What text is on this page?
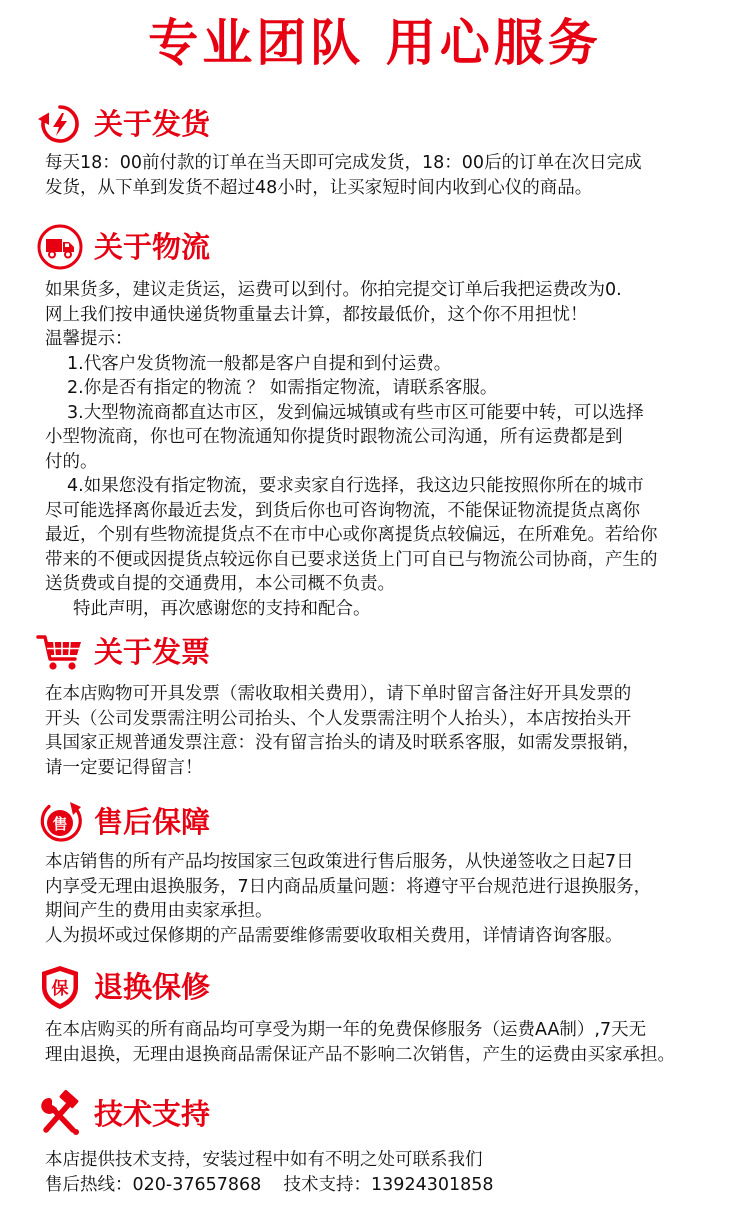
专业团队 用心服务
关于发货
每天18：00前付款的订单在当天即可完成发货，18：00后的订单在次日完成
发货，从下单到发货不超过48小时，让买家短时间内收到心仪的商品。
关于物流
如果货多，建议走货运，运费可以到付。你拍完提交订单后我把运费改为0.
网上我们按申通快递货物重量去计算，都按最低价，这个你不用担忧！
温馨提示：
1.代客户发货物流一般都是客户自提和到付运费。
2.你是否有指定的物流 ？ 如需指定物流，请联系客服。
3.大型物流商都直达市区，发到偏远城镇或有些市区可能要中转，可以选择
小型物流商，你也可在物流通知你提货时跟物流公司沟通，所有运费都是到
付的。
4.如果您没有指定物流，要求卖家自行选择，我这边只能按照你所在的城市
尽可能选择离你最近去发，到货后你也可咨询物流，不能保证物流提货点离你
最近，个别有些物流提货点不在市中心或你离提货点较偏远，在所难免。若给你
带来的不便或因提货点较远你自已要求送货上门可自已与物流公司协商，产生的
送货费或自提的交通费用，本公司概不负责。
特此声明，再次感谢您的支持和配合。
关于发票
在本店购物可开具发票（需收取相关费用），请下单时留言备注好开具发票的
开头（公司发票需注明公司抬头、个人发票需注明个人抬头），本店按抬头开
具国家正规普通发票注意：没有留言抬头的请及时联系客服，如需发票报销，
请一定要记得留言！
售 售后保障
本店销售的所有产品均按国家三包政策进行售后服务，从快递签收之日起7日
内享受无理由退换服务，7日内商品质量问题：将遵守平台规范进行退换服务，
期间产生的费用由卖家承担。
人为损坏或过保修期的产品需要维修需要收取相关费用，详情请咨询客服。
保 退换保修
在本店购买的所有商品均可享受为期一年的免费保修服务（运费AA制）,7天无
理由退换，无理由退换商品需保证产品不影响二次销售，产生的运费由买家承担。
技术支持
本店提供技术支持，安装过程中如有不明之处可联系我们
售后热线：020-37657868    技术支持：13924301858
